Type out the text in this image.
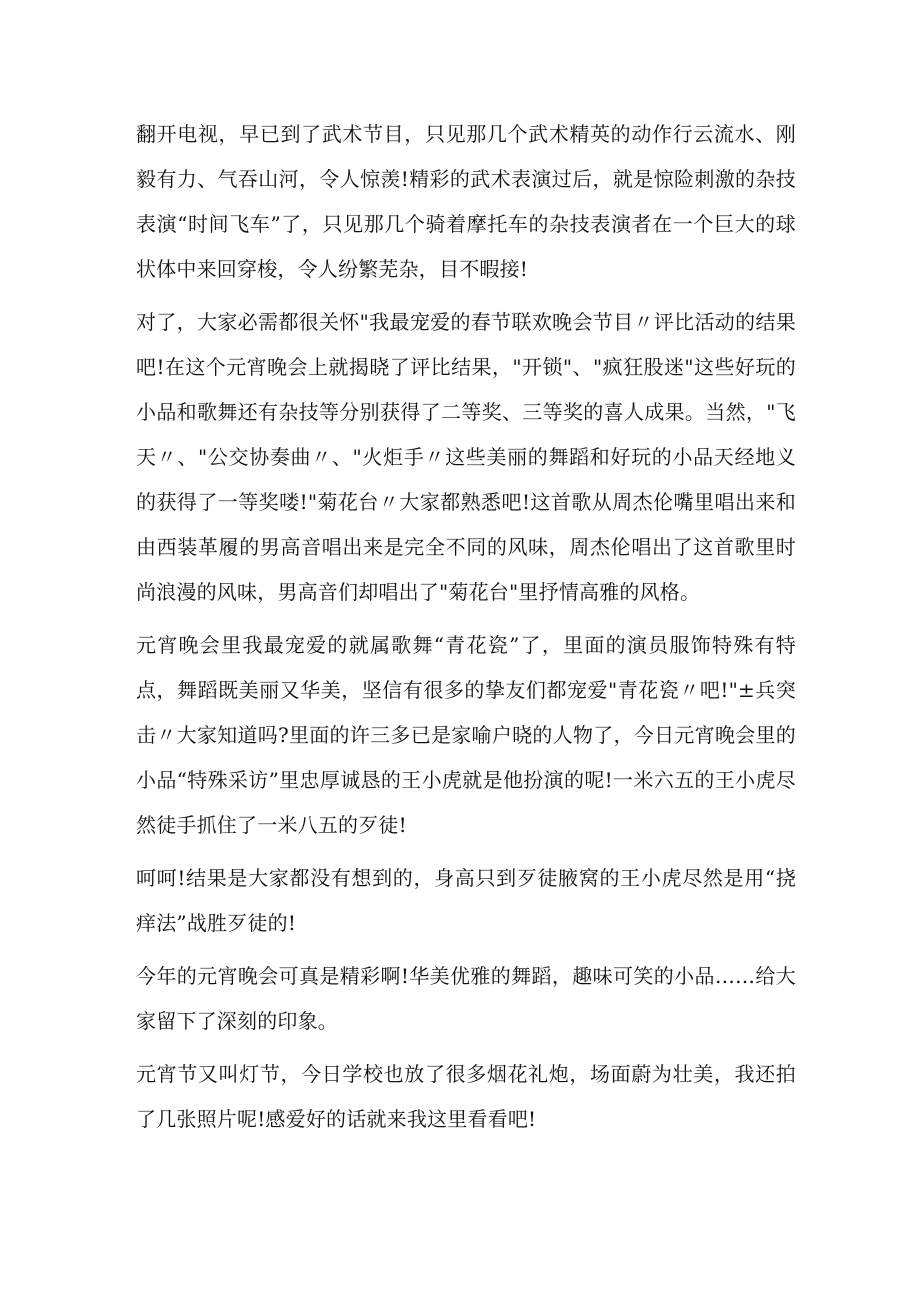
翻开电视，早已到了武术节目，只见那几个武术精英的动作行云流水、刚毅有力、气吞山河，令人惊羡!精彩的武术表演过后，就是惊险刺激的杂技表演“时间飞车”了，只见那几个骑着摩托车的杂技表演者在一个巨大的球状体中来回穿梭，令人纷繁芜杂，目不暇接!

对了，大家必需都很关怀"我最宠爱的春节联欢晚会节目〃评比活动的结果吧!在这个元宵晚会上就揭晓了评比结果，"开锁"、"疯狂股迷"这些好玩的小品和歌舞还有杂技等分别获得了二等奖、三等奖的喜人成果。当然，"飞天〃、"公交协奏曲〃、"火炬手〃这些美丽的舞蹈和好玩的小品天经地义的获得了一等奖喽!"菊花台〃大家都熟悉吧!这首歌从周杰伦嘴里唱出来和由西装革履的男高音唱出来是完全不同的风味，周杰伦唱出了这首歌里时尚浪漫的风味，男高音们却唱出了"菊花台"里抒情高雅的风格。

元宵晚会里我最宠爱的就属歌舞“青花瓷”了，里面的演员服饰特殊有特点，舞蹈既美丽又华美，坚信有很多的挚友们都宠爱"青花瓷〃吧!"±兵突击〃大家知道吗?里面的许三多已是家喻户晓的人物了，今日元宵晚会里的小品“特殊采访”里忠厚诚恳的王小虎就是他扮演的呢!一米六五的王小虎尽然徒手抓住了一米八五的歹徒!

呵呵!结果是大家都没有想到的，身高只到歹徒腋窝的王小虎尽然是用“挠痒法”战胜歹徒的!

今年的元宵晚会可真是精彩啊!华美优雅的舞蹈，趣味可笑的小品……给大家留下了深刻的印象。

元宵节又叫灯节，今日学校也放了很多烟花礼炮，场面蔚为壮美，我还拍了几张照片呢!感爱好的话就来我这里看看吧!
